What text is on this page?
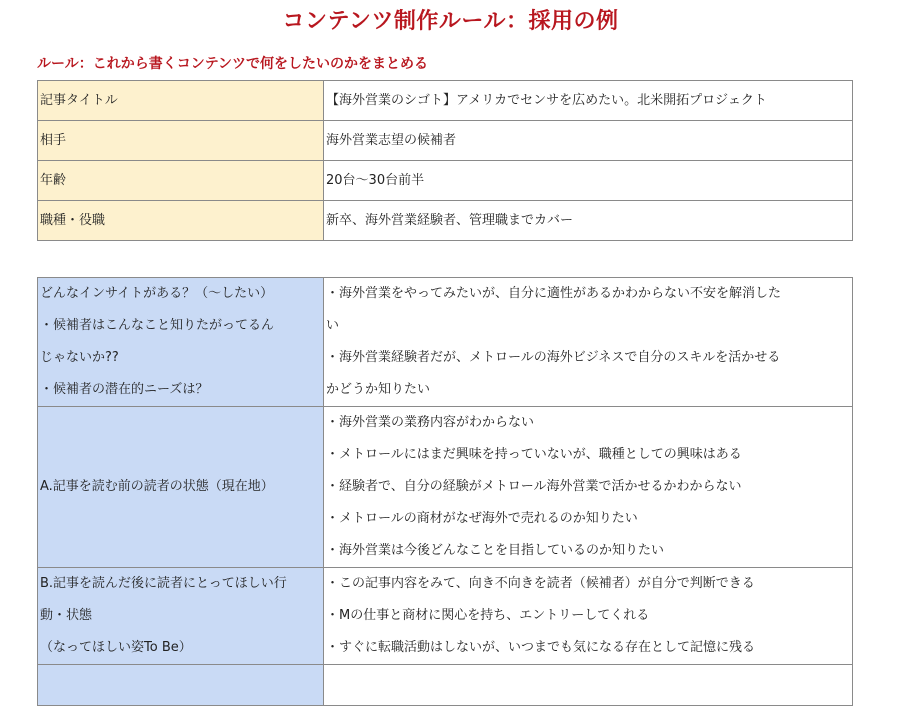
コンテンツ制作ルール：採用の例
ルール：これから書くコンテンツで何をしたいのかをまとめる
記事タイトル	【海外営業のシゴト】アメリカでセンサを広めたい。北米開拓プロジェクト
相手	海外営業志望の候補者
年齢	20台〜30台前半
職種・役職	新卒、海外営業経験者、管理職までカバー
どんなインサイトがある？（〜したい）
・候補者はこんなこと知りたがってるん
じゃないか??
・候補者の潜在的ニーズは？	・海外営業をやってみたいが、自分に適性があるかわからない不安を解消した
い
・海外営業経験者だが、メトロールの海外ビジネスで自分のスキルを活かせる
かどうか知りたい

A.記事を読む前の読者の状態（現在地）	・海外営業の業務内容がわからない
・メトロールにはまだ興味を持っていないが、職種としての興味はある
・経験者で、自分の経験がメトロール海外営業で活かせるかわからない
・メトロールの商材がなぜ海外で売れるのか知りたい
・海外営業は今後どんなことを目指しているのか知りたい

B.記事を読んだ後に読者にとってほしい行
動・状態
（なってほしい姿To Be）	・この記事内容をみて、向き不向きを読者（候補者）が自分で判断できる
・Mの仕事と商材に関心を持ち、エントリーしてくれる
・すぐに転職活動はしないが、いつまでも気になる存在として記憶に残る
